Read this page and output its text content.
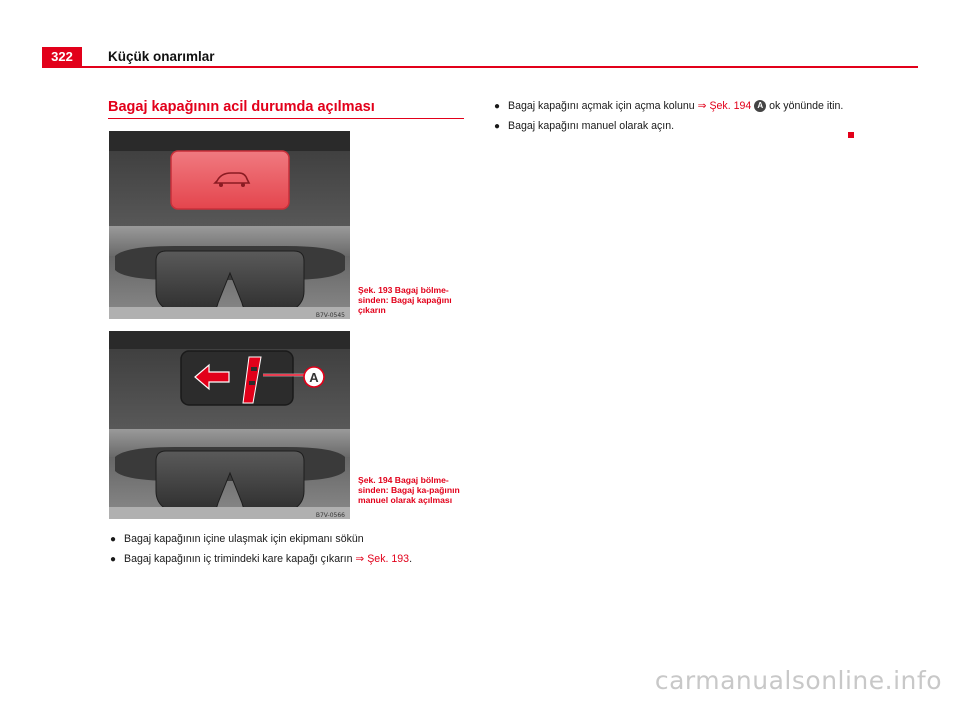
322	Küçük onarımlar
Bagaj kapağının acil durumda açılması
B7V-0545
Şek. 193 Bagaj bölme-sinden: Bagaj kapağını çıkarın
A
B7V-0566
Şek. 194 Bagaj bölme-sinden: Bagaj ka-pağının manuel olarak açılması
● Bagaj kapağının içine ulaşmak için ekipmanı sökün
● Bagaj kapağının iç trimindeki kare kapağı çıkarın ⇒ Şek. 193.
● Bagaj kapağını açmak için açma kolunu ⇒ Şek. 194 A ok yönünde itin.
● Bagaj kapağını manuel olarak açın.
carmanualsonline.info
